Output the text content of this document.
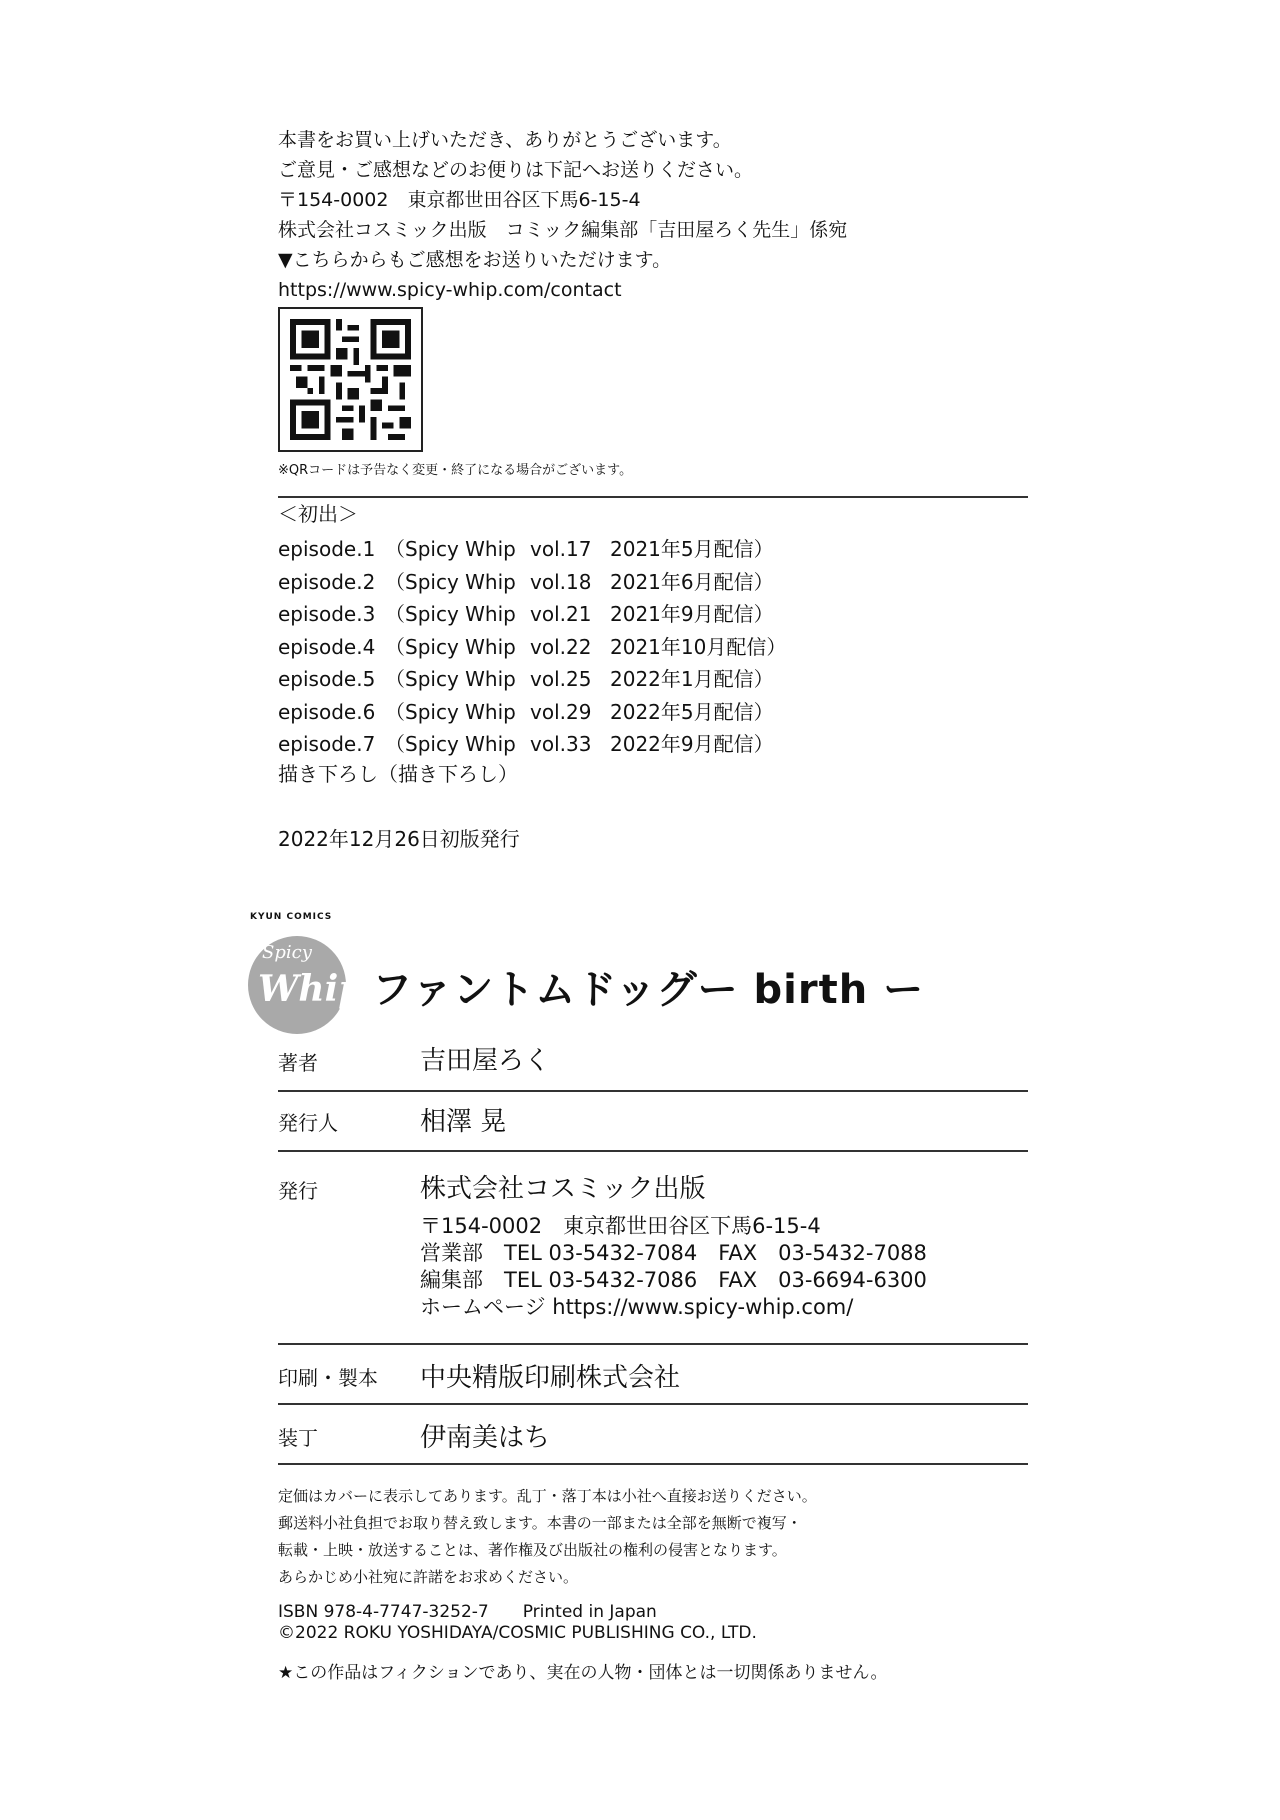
本書をお買い上げいただき、ありがとうございます。

ご意見・ご感想などのお便りは下記へお送りください。

〒154-0002　東京都世田谷区下馬6-15-4

株式会社コスミック出版　コミック編集部「吉田屋ろく先生」係宛

▼こちらからもご感想をお送りいただけます。

https://www.spicy-whip.com/contact

※QRコードは予告なく変更・終了になる場合がございます。

＜初出＞

episode.1 （Spicy Whip vol.17 2021年5月配信）

episode.2 （Spicy Whip vol.18 2021年6月配信）

episode.3 （Spicy Whip vol.21 2021年9月配信）

episode.4 （Spicy Whip vol.22 2021年10月配信）

episode.5 （Spicy Whip vol.25 2022年1月配信）

episode.6 （Spicy Whip vol.29 2022年5月配信）

episode.7 （Spicy Whip vol.33 2022年9月配信）

描き下ろし（描き下ろし）

2022年12月26日初版発行

KYUN COMICS

Spicy
Whip ファントムドッグー birth ー

著者	吉田屋ろく

発行人	相澤 晃

発行	株式会社コスミック出版

〒154-0002　東京都世田谷区下馬6-15-4

営業部　TEL 03-5432-7084　FAX　03-5432-7088

編集部　TEL 03-5432-7086　FAX　03-6694-6300

ホームページ https://www.spicy-whip.com/

印刷・製本 中央精版印刷株式会社

装丁	伊南美はち

定価はカバーに表示してあります。乱丁・落丁本は小社へ直接お送りください。

郵送料小社負担でお取り替え致します。本書の一部または全部を無断で複写・

転載・上映・放送することは、著作権及び出版社の権利の侵害となります。

あらかじめ小社宛に許諾をお求めください。

ISBN 978-4-7747-3252-7　　Printed in Japan

©2022 ROKU YOSHIDAYA/COSMIC PUBLISHING CO., LTD.

★この作品はフィクションであり、実在の人物・団体とは一切関係ありません。
